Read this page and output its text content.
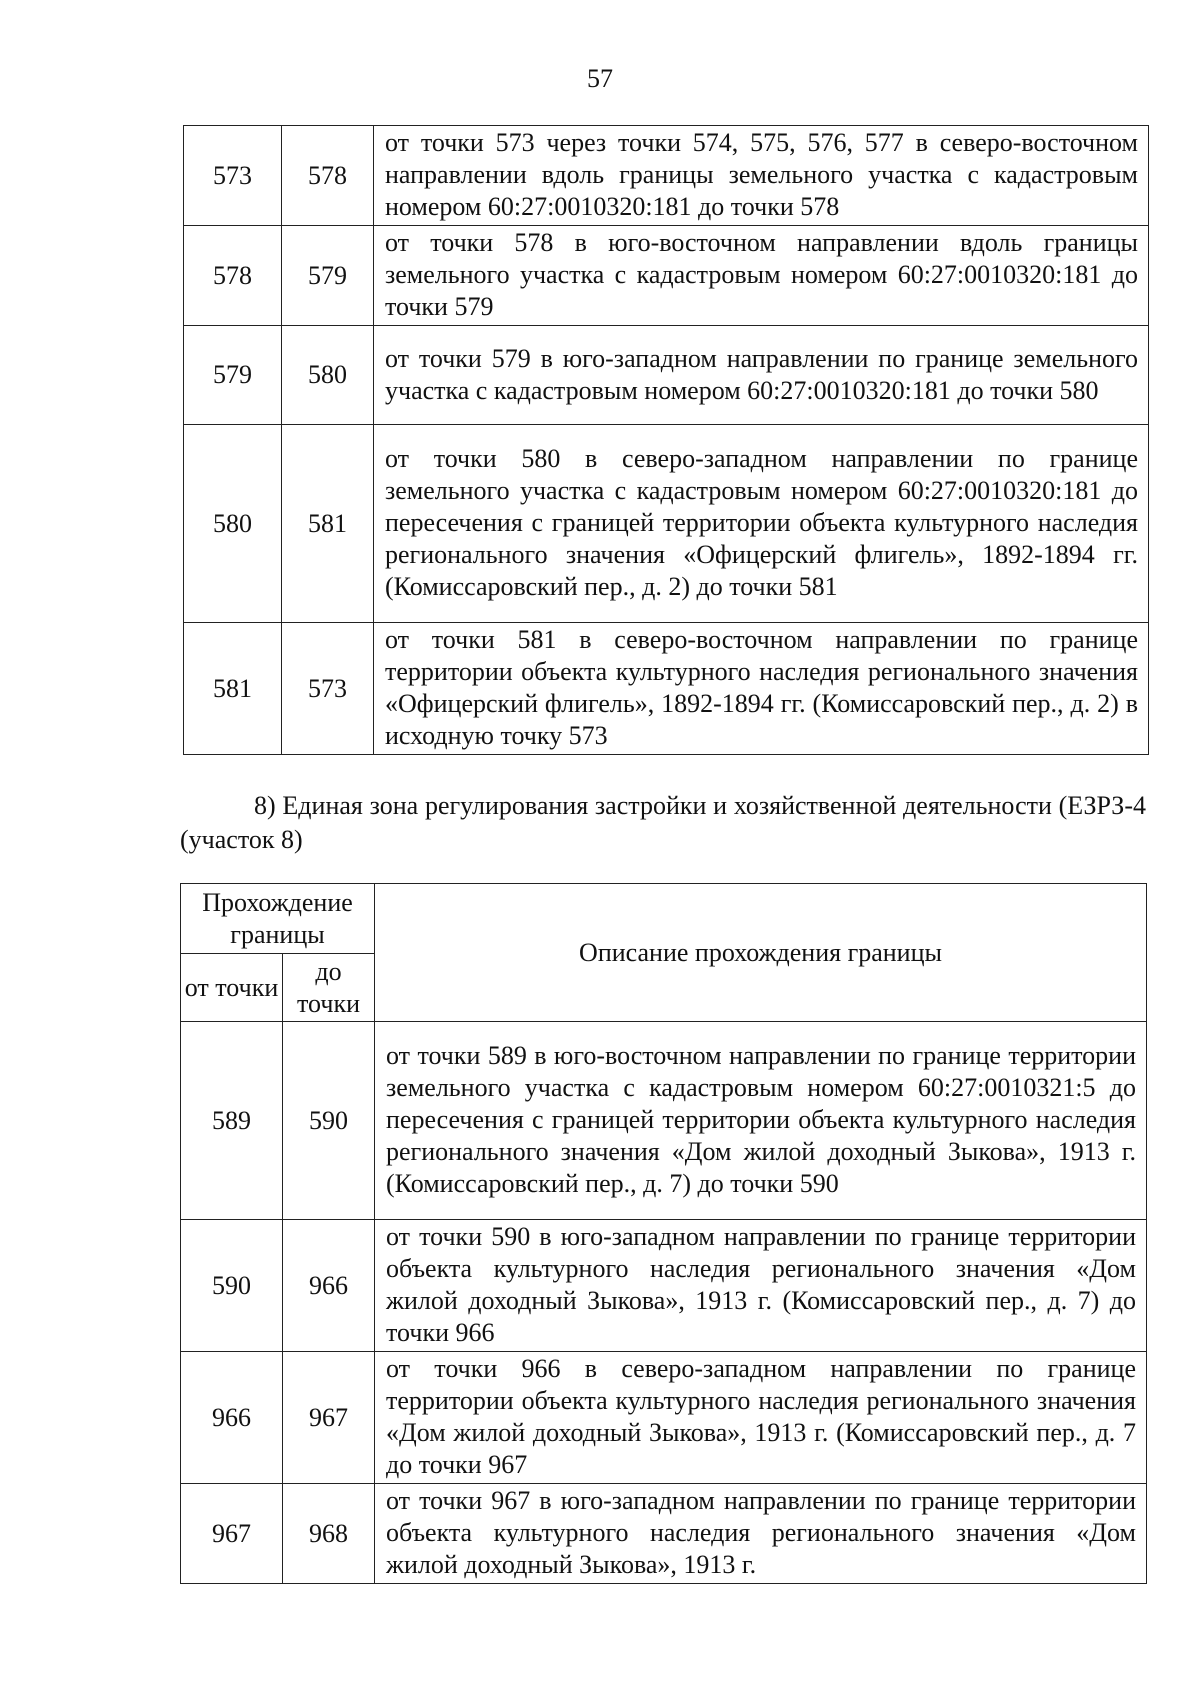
57
573	578	от точки 573 через точки 574, 575, 576, 577 в северо-восточном направлении вдоль границы земельного участка с кадастровым номером 60:27:0010320:181 до точки 578
578	579	от точки 578 в юго-восточном направлении вдоль границы земельного участка с кадастровым номером 60:27:0010320:181 до точки 579
579	580	от точки 579 в юго-западном направлении по границе земельного участка с кадастровым номером 60:27:0010320:181 до точки 580
580	581	от точки 580 в северо-западном направлении по границе земельного участка с кадастровым номером 60:27:0010320:181 до пересечения с границей территории объекта культурного наследия регионального значения «Офицерский флигель», 1892-1894 гг. (Комиссаровский пер., д. 2) до точки 581
581	573	от точки 581 в северо-восточном направлении по границе территории объекта культурного наследия регионального значения «Офицерский флигель», 1892-1894 гг. (Комиссаровский пер., д. 2) в исходную точку 573
8) Единая зона регулирования застройки и хозяйственной деятельности (ЕЗРЗ-4 (участок 8)
Прохождение границы		Описание прохождения границы
от точки	до точки	
589	590	от точки 589 в юго-восточном направлении по границе территории земельного участка с кадастровым номером 60:27:0010321:5 до пересечения с границей территории объекта культурного наследия регионального значения «Дом жилой доходный Зыкова», 1913 г. (Комиссаровский пер., д. 7) до точки 590
590	966	от точки 590 в юго-западном направлении по границе территории объекта культурного наследия регионального значения «Дом жилой доходный Зыкова», 1913 г. (Комиссаровский пер., д. 7) до точки 966
966	967	от точки 966 в северо-западном направлении по границе территории объекта культурного наследия регионального значения «Дом жилой доходный Зыкова», 1913 г. (Комиссаровский пер., д. 7 до точки 967
967	968	от точки 967 в юго-западном направлении по границе территории объекта культурного наследия регионального значения «Дом жилой доходный Зыкова», 1913 г.
